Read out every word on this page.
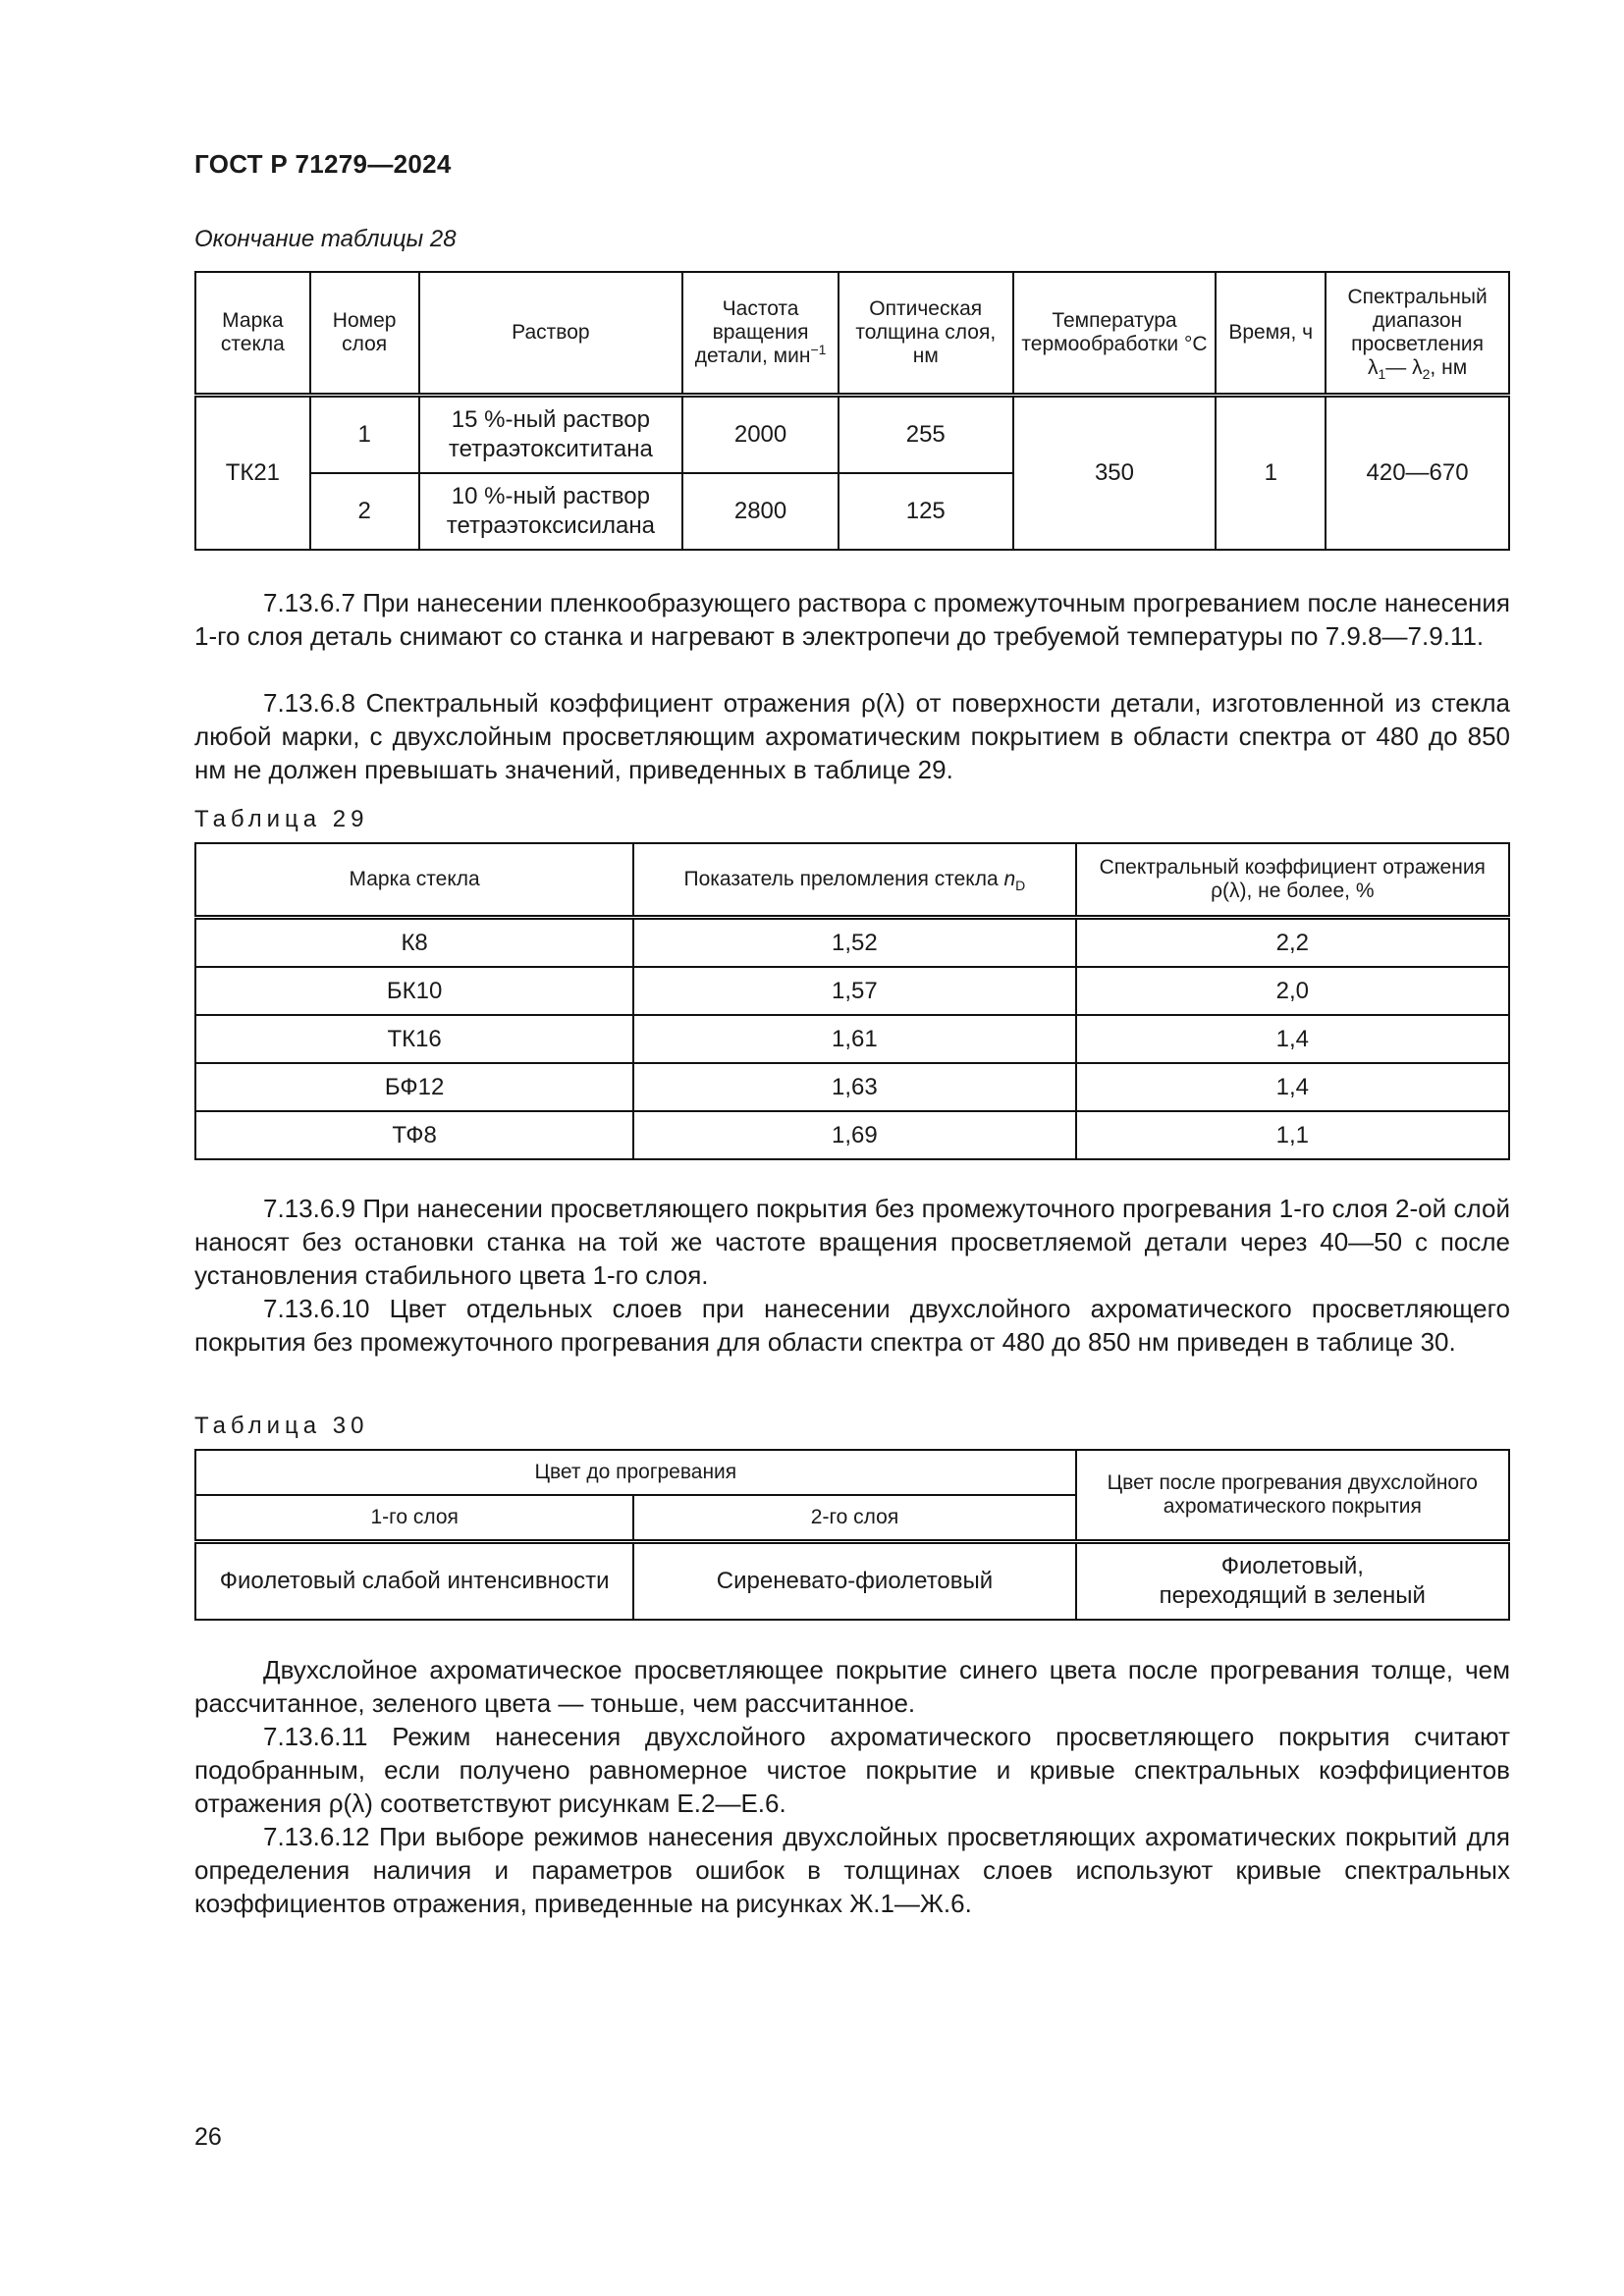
ГОСТ Р 71279—2024
Окончание таблицы 28
Марка стекла	Номер слоя	Раствор	Частота вращения детали, мин$^{-1}$	Оптическая толщина слоя, нм	Температура термообработки °С	Время, ч	Спектральный диапазон просветления
$\lambda_1—$ $\lambda_2$, нм
ТК21	1	15 %-ный раствор тетраэтоксититана	2000	255	350	1	420—670
	2	10 %-ный раствор тетраэтоксисилана	2800	125			

7.13.6.7 При нанесении пленкообразующего раствора с промежуточным прогреванием после нанесения 1-го слоя деталь снимают со станка и нагревают в электропечи до требуемой температуры по 7.9.8—7.9.11.

7.13.6.8 Спектральный коэффициент отражения ρ(λ) от поверхности детали, изготовленной из стекла любой марки, с двухслойным просветляющим ахроматическим покрытием в области спектра от 480 до 850 нм не должен превышать значений, приведенных в таблице 29.

Таблица 29
Марка стекла	Показатель преломления стекла $n_D$	Спектральный коэффициент отражения ρ(λ), не более, %
К8	1,52	2,2
БК10	1,57	2,0
ТК16	1,61	1,4
БФ12	1,63	1,4
ТФ8	1,69	1,1

7.13.6.9 При нанесении просветляющего покрытия без промежуточного прогревания 1-го слоя 2-ой слой наносят без остановки станка на той же частоте вращения просветляемой детали через 40—50 с после установления стабильного цвета 1-го слоя.

7.13.6.10 Цвет отдельных слоев при нанесении двухслойного ахроматического просветляющего покрытия без промежуточного прогревания для области спектра от 480 до 850 нм приведен в таблице 30.

Таблица 30
Цвет до прогревания		Цвет после прогревания двухслойного ахроматического покрытия
1-го слоя	2-го слоя	
Фиолетовый слабой интенсивности	Сиреневато-фиолетовый	Фиолетовый,
переходящий в зеленый

Двухслойное ахроматическое просветляющее покрытие синего цвета после прогревания толще, чем рассчитанное, зеленого цвета — тоньше, чем рассчитанное.

7.13.6.11 Режим нанесения двухслойного ахроматического просветляющего покрытия считают подобранным, если получено равномерное чистое покрытие и кривые спектральных коэффициентов отражения ρ(λ) соответствуют рисункам Е.2—Е.6.

7.13.6.12 При выборе режимов нанесения двухслойных просветляющих ахроматических покрытий для определения наличия и параметров ошибок в толщинах слоев используют кривые спектральных коэффициентов отражения, приведенные на рисунках Ж.1—Ж.6.

26
